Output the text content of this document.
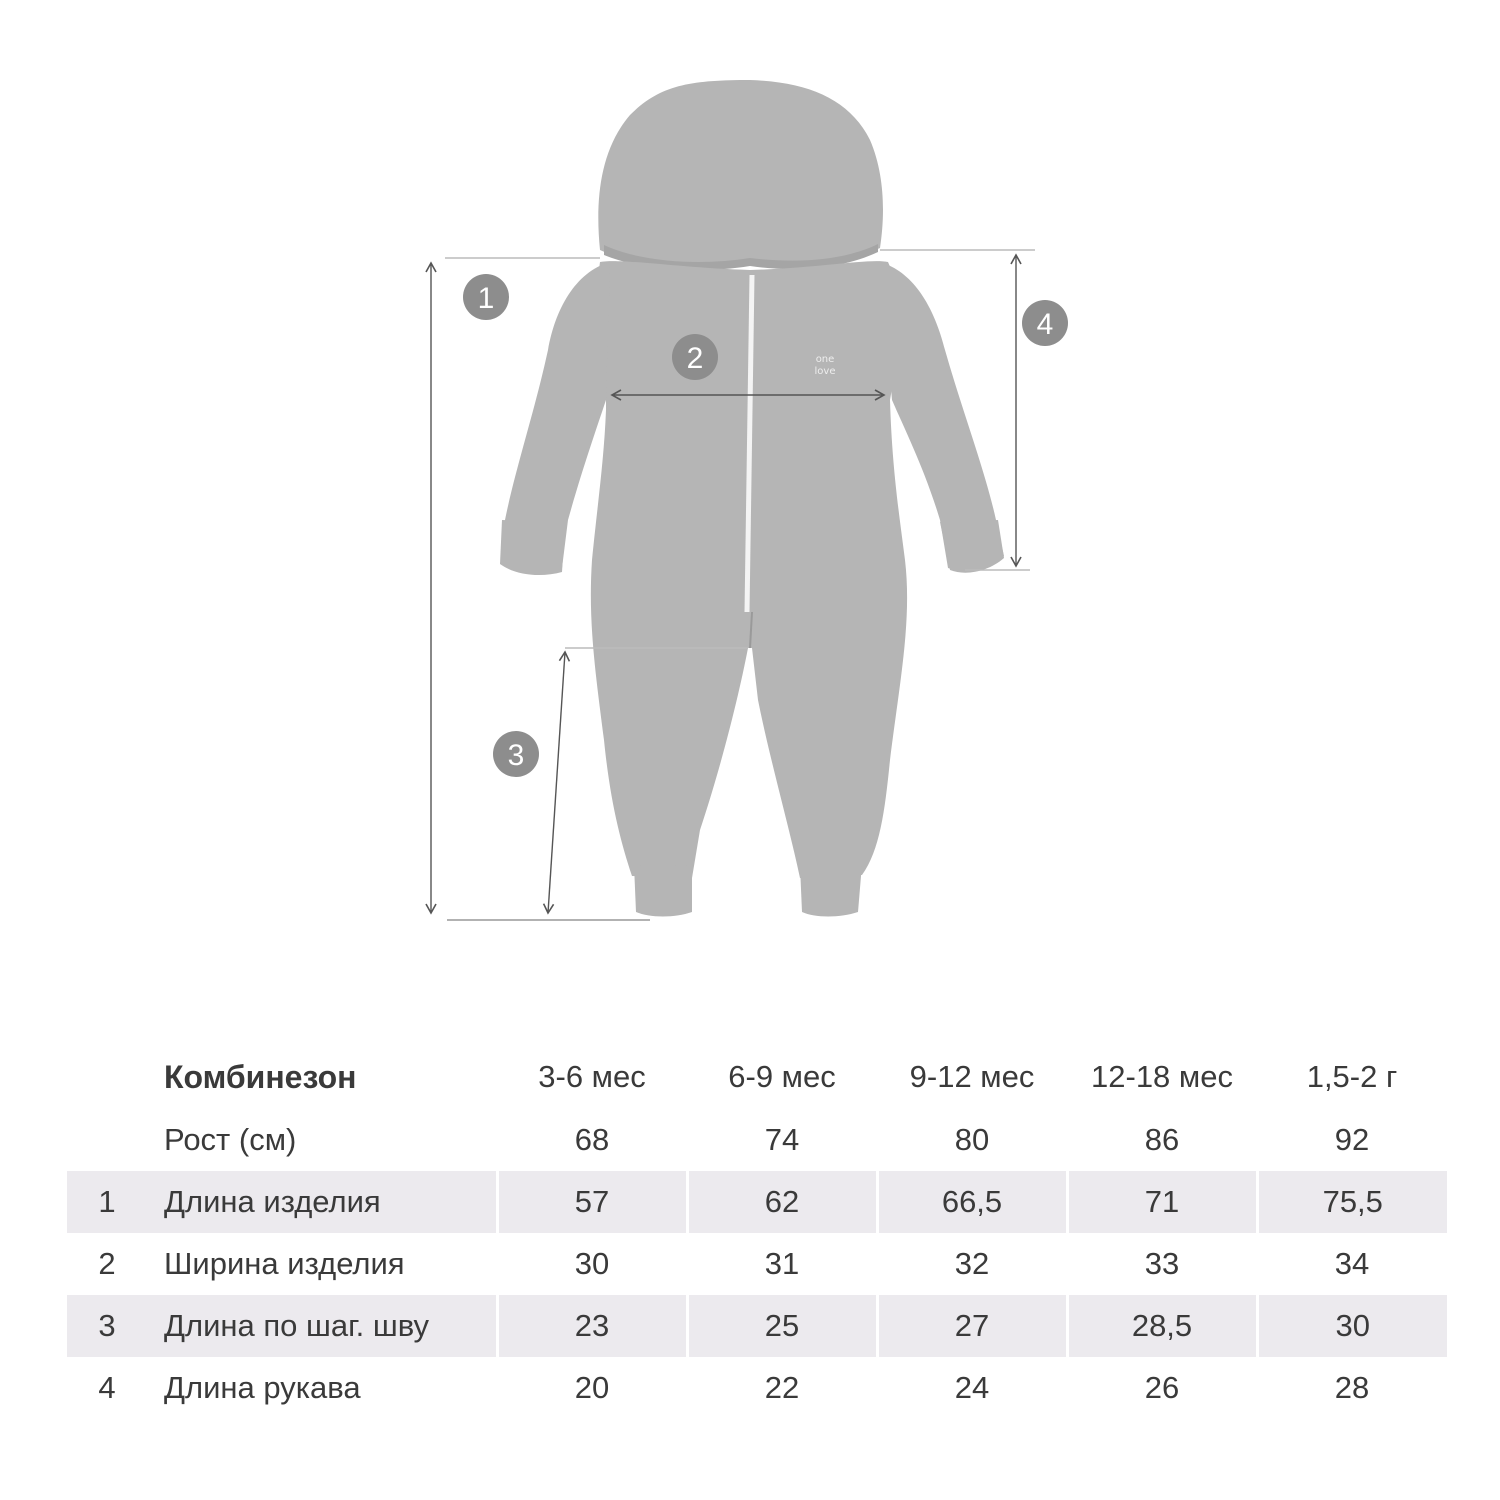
one love
1
2
3
4
	Комбинезон	3-6 мес	6-9 мес	9-12 мес	12-18 мес	1,5-2 г
	Рост (см)	68	74	80	86	92
1	Длина изделия	57	62	66,5	71	75,5
2	Ширина изделия	30	31	32	33	34
3	Длина по шаг. шву	23	25	27	28,5	30
4	Длина рукава	20	22	24	26	28
